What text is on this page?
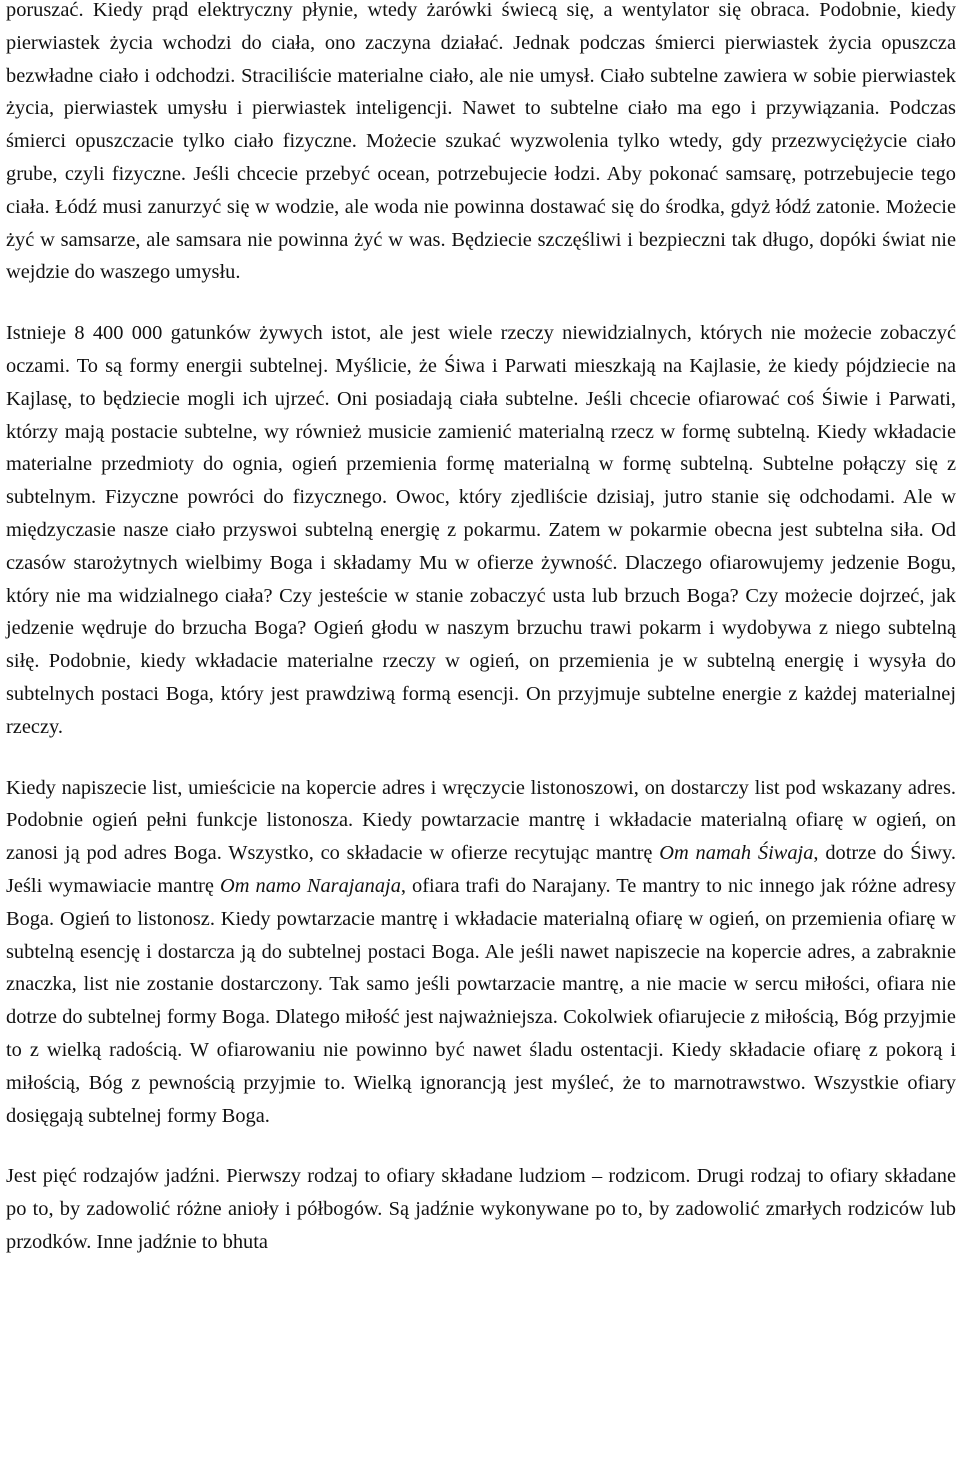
poruszać. Kiedy prąd elektryczny płynie, wtedy żarówki świecą się, a wentylator się obraca. Podobnie, kiedy pierwiastek życia wchodzi do ciała, ono zaczyna działać. Jednak podczas śmierci pierwiastek życia opuszcza bezwładne ciało i odchodzi. Straciliście materialne ciało, ale nie umysł. Ciało subtelne zawiera w sobie pierwiastek życia, pierwiastek umysłu i pierwiastek inteligencji. Nawet to subtelne ciało ma ego i przywiązania. Podczas śmierci opuszczacie tylko ciało fizyczne. Możecie szukać wyzwolenia tylko wtedy, gdy przezwyciężycie ciało grube, czyli fizyczne. Jeśli chcecie przebyć ocean, potrzebujecie łodzi. Aby pokonać samsarę, potrzebujecie tego ciała. Łódź musi zanurzyć się w wodzie, ale woda nie powinna dostawać się do środka, gdyż łódź zatonie. Możecie żyć w samsarze, ale samsara nie powinna żyć w was. Będziecie szczęśliwi i bezpieczni tak długo, dopóki świat nie wejdzie do waszego umysłu.

Istnieje 8 400 000 gatunków żywych istot, ale jest wiele rzeczy niewidzialnych, których nie możecie zobaczyć oczami. To są formy energii subtelnej. Myślicie, że Śiwa i Parwati mieszkają na Kajlasie, że kiedy pójdziecie na Kajlasę, to będziecie mogli ich ujrzeć. Oni posiadają ciała subtelne. Jeśli chcecie ofiarować coś Śiwie i Parwati, którzy mają postacie subtelne, wy również musicie zamienić materialną rzecz w formę subtelną. Kiedy wkładacie materialne przedmioty do ognia, ogień przemienia formę materialną w formę subtelną. Subtelne połączy się z subtelnym. Fizyczne powróci do fizycznego. Owoc, który zjedliście dzisiaj, jutro stanie się odchodami. Ale w międzyczasie nasze ciało przyswoi subtelną energię z pokarmu. Zatem w pokarmie obecna jest subtelna siła. Od czasów starożytnych wielbimy Boga i składamy Mu w ofierze żywność. Dlaczego ofiarowujemy jedzenie Bogu, który nie ma widzialnego ciała? Czy jesteście w stanie zobaczyć usta lub brzuch Boga? Czy możecie dojrzeć, jak jedzenie wędruje do brzucha Boga? Ogień głodu w naszym brzuchu trawi pokarm i wydobywa z niego subtelną siłę. Podobnie, kiedy wkładacie materialne rzeczy w ogień, on przemienia je w subtelną energię i wysyła do subtelnych postaci Boga, który jest prawdziwą formą esencji. On przyjmuje subtelne energie z każdej materialnej rzeczy.

Kiedy napiszecie list, umieścicie na kopercie adres i wręczycie listonoszowi, on dostarczy list pod wskazany adres. Podobnie ogień pełni funkcje listonosza. Kiedy powtarzacie mantrę i wkładacie materialną ofiarę w ogień, on zanosi ją pod adres Boga. Wszystko, co składacie w ofierze recytując mantrę Om namah Śiwaja, dotrze do Śiwy. Jeśli wymawiacie mantrę Om namo Narajanaja, ofiara trafi do Narajany. Te mantry to nic innego jak różne adresy Boga. Ogień to listonosz. Kiedy powtarzacie mantrę i wkładacie materialną ofiarę w ogień, on przemienia ofiarę w subtelną esencję i dostarcza ją do subtelnej postaci Boga. Ale jeśli nawet napiszecie na kopercie adres, a zabraknie znaczka, list nie zostanie dostarczony. Tak samo jeśli powtarzacie mantrę, a nie macie w sercu miłości, ofiara nie dotrze do subtelnej formy Boga. Dlatego miłość jest najważniejsza. Cokolwiek ofiarujecie z miłością, Bóg przyjmie to z wielką radością. W ofiarowaniu nie powinno być nawet śladu ostentacji. Kiedy składacie ofiarę z pokorą i miłością, Bóg z pewnością przyjmie to. Wielką ignorancją jest myśleć, że to marnotrawstwo. Wszystkie ofiary dosięgają subtelnej formy Boga.

Jest pięć rodzajów jadźni. Pierwszy rodzaj to ofiary składane ludziom – rodzicom. Drugi rodzaj to ofiary składane po to, by zadowolić różne anioły i półbogów. Są jadźnie wykonywane po to, by zadowolić zmarłych rodziców lub przodków. Inne jadźnie to bhuta
